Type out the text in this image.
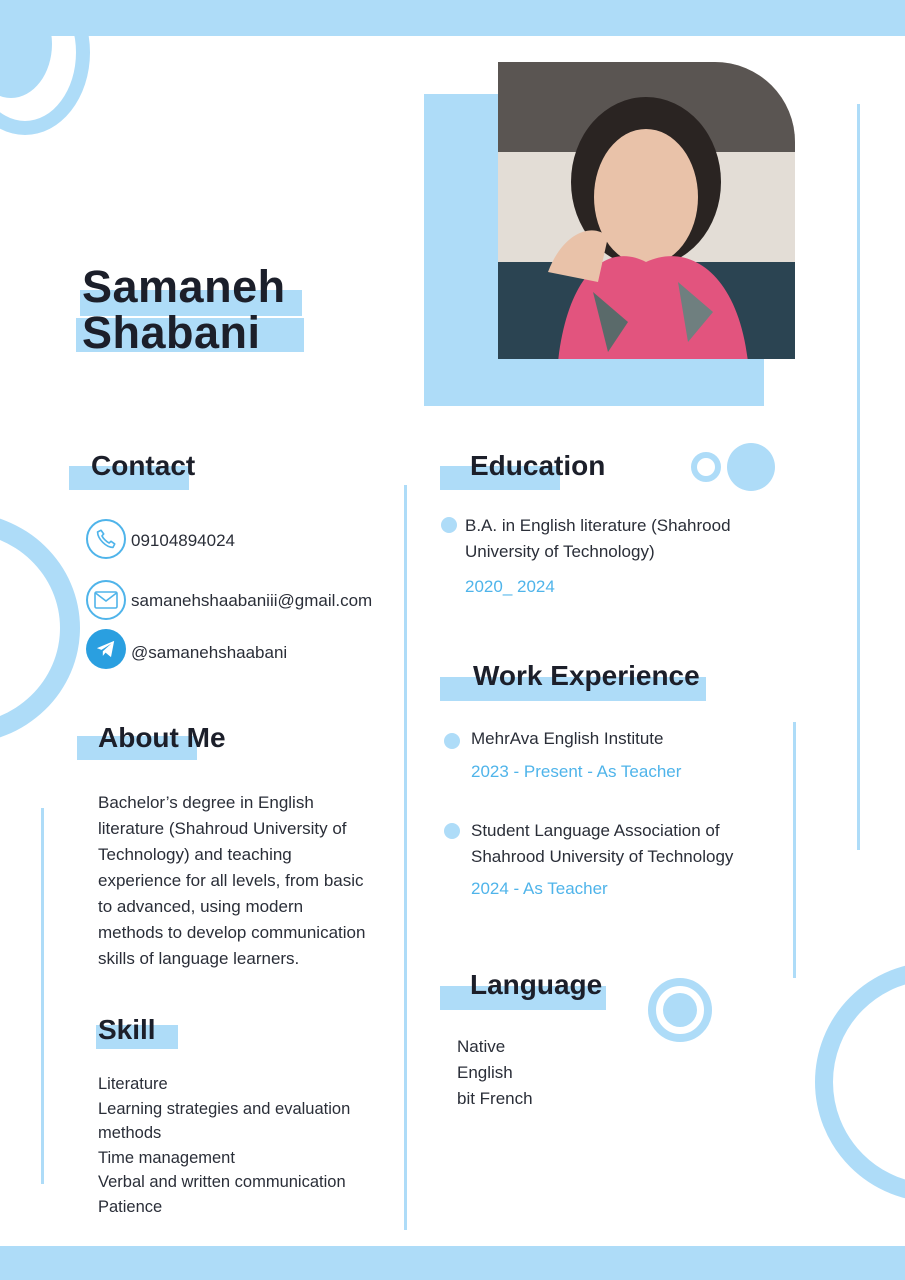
Samaneh
Shabani
Contact
09104894024
samanehshaabaniii@gmail.com
@samanehshaabani
About Me
Bachelor’s degree in English literature (Shahroud University of Technology) and teaching experience for all levels, from basic to advanced, using modern methods to develop communication skills of language learners.
Skill
Literature
Learning strategies and evaluation methods
Time management
Verbal and written communication
Patience
Education
B.A. in English literature (Shahrood University of Technology)
2020_ 2024
Work Experience
MehrAva English Institute
2023 - Present - As Teacher
Student Language Association of Shahrood University of Technology
2024 - As Teacher
Language
Native
English
bit French
